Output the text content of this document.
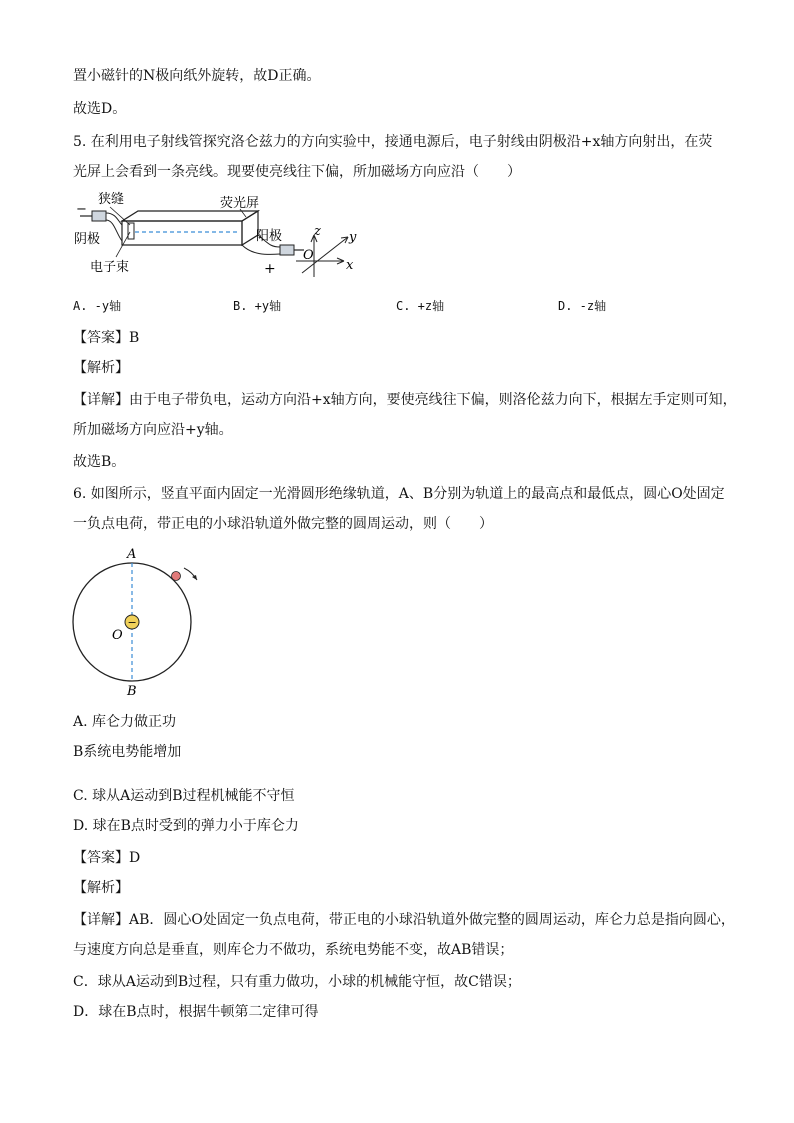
置小磁针的N极向纸外旋转，故D正确。
故选D。
5. 在利用电子射线管探究洛仑兹力的方向实验中，接通电源后，电子射线由阴极沿+x轴方向射出，在荧
光屏上会看到一条亮线。现要使亮线往下偏，所加磁场方向应沿（　　）
−
+
狭缝	荧光屏
阴极	阳极
电子束
O
x
y
z
A. -y轴	B. +y轴	C. +z轴	D. -z轴
【答案】B
【解析】
【详解】由于电子带负电，运动方向沿+x轴方向，要使亮线往下偏，则洛伦兹力向下，根据左手定则可知，
所加磁场方向应沿+y轴。
故选B。
6. 如图所示，竖直平面内固定一光滑圆形绝缘轨道，A、B分别为轨道上的最高点和最低点，圆心O处固定
一负点电荷，带正电的小球沿轨道外做完整的圆周运动，则（　　）
−
A
B
O
A. 库仑力做正功
B系统电势能增加
C. 球从A运动到B过程机械能不守恒
D. 球在B点时受到的弹力小于库仑力
【答案】D
【解析】
【详解】AB．圆心O处固定一负点电荷，带正电的小球沿轨道外做完整的圆周运动，库仑力总是指向圆心，
与速度方向总是垂直，则库仑力不做功，系统电势能不变，故AB错误；
C．球从A运动到B过程，只有重力做功，小球的机械能守恒，故C错误；
D．球在B点时，根据牛顿第二定律可得
